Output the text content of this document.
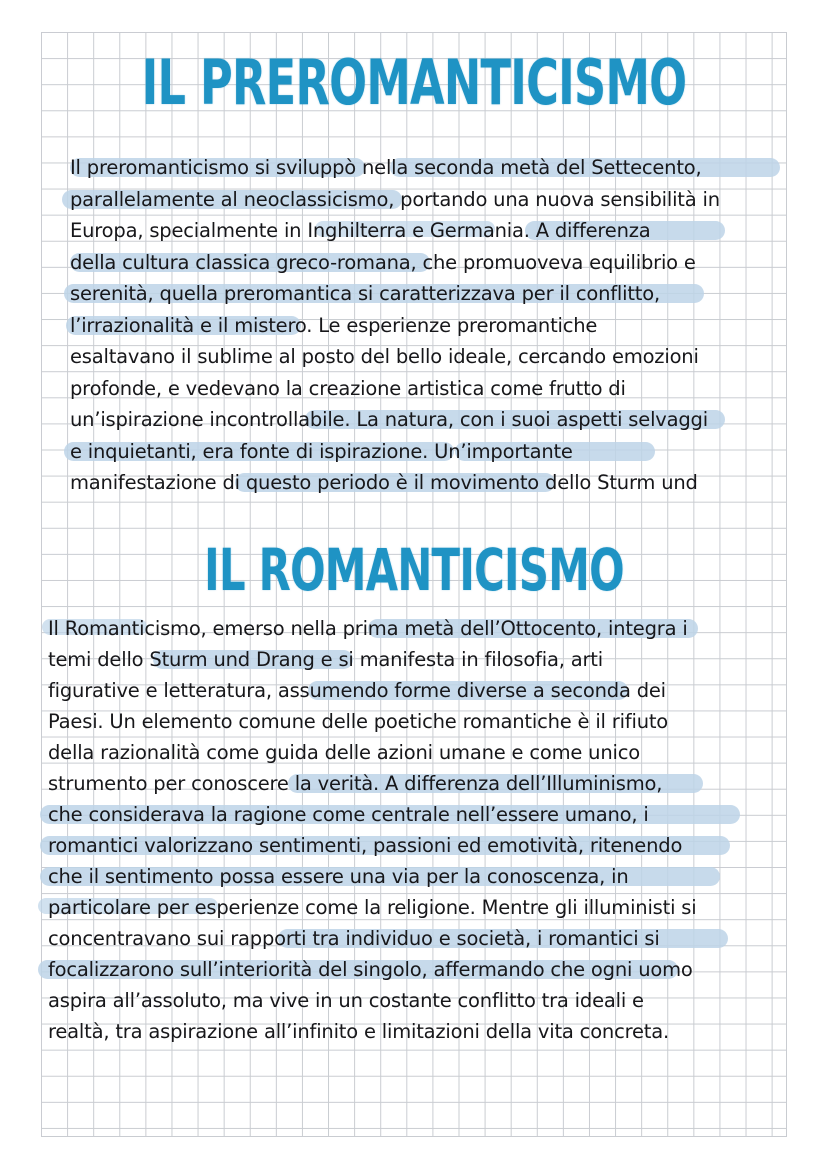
IL PREROMANTICISMO
Il preromanticismo si sviluppò nella seconda metà del Settecento,
parallelamente al neoclassicismo, portando una nuova sensibilità in
Europa, specialmente in Inghilterra e Germania. A differenza
della cultura classica greco-romana, che promuoveva equilibrio e
serenità, quella preromantica si caratterizzava per il conflitto,
l’irrazionalità e il mistero. Le esperienze preromantiche
esaltavano il sublime al posto del bello ideale, cercando emozioni
profonde, e vedevano la creazione artistica come frutto di
un’ispirazione incontrollabile. La natura, con i suoi aspetti selvaggi
e inquietanti, era fonte di ispirazione. Un’importante
manifestazione di questo periodo è il movimento dello Sturm und
IL ROMANTICISMO
Il Romanticismo, emerso nella prima metà dell’Ottocento, integra i
temi dello Sturm und Drang e si manifesta in filosofia, arti
figurative e letteratura, assumendo forme diverse a seconda dei
Paesi. Un elemento comune delle poetiche romantiche è il rifiuto
della razionalità come guida delle azioni umane e come unico
strumento per conoscere la verità. A differenza dell’Illuminismo,
che considerava la ragione come centrale nell’essere umano, i
romantici valorizzano sentimenti, passioni ed emotività, ritenendo
che il sentimento possa essere una via per la conoscenza, in
particolare per esperienze come la religione. Mentre gli illuministi si
concentravano sui rapporti tra individuo e società, i romantici si
focalizzarono sull’interiorità del singolo, affermando che ogni uomo
aspira all’assoluto, ma vive in un costante conflitto tra ideali e
realtà, tra aspirazione all’infinito e limitazioni della vita concreta.
